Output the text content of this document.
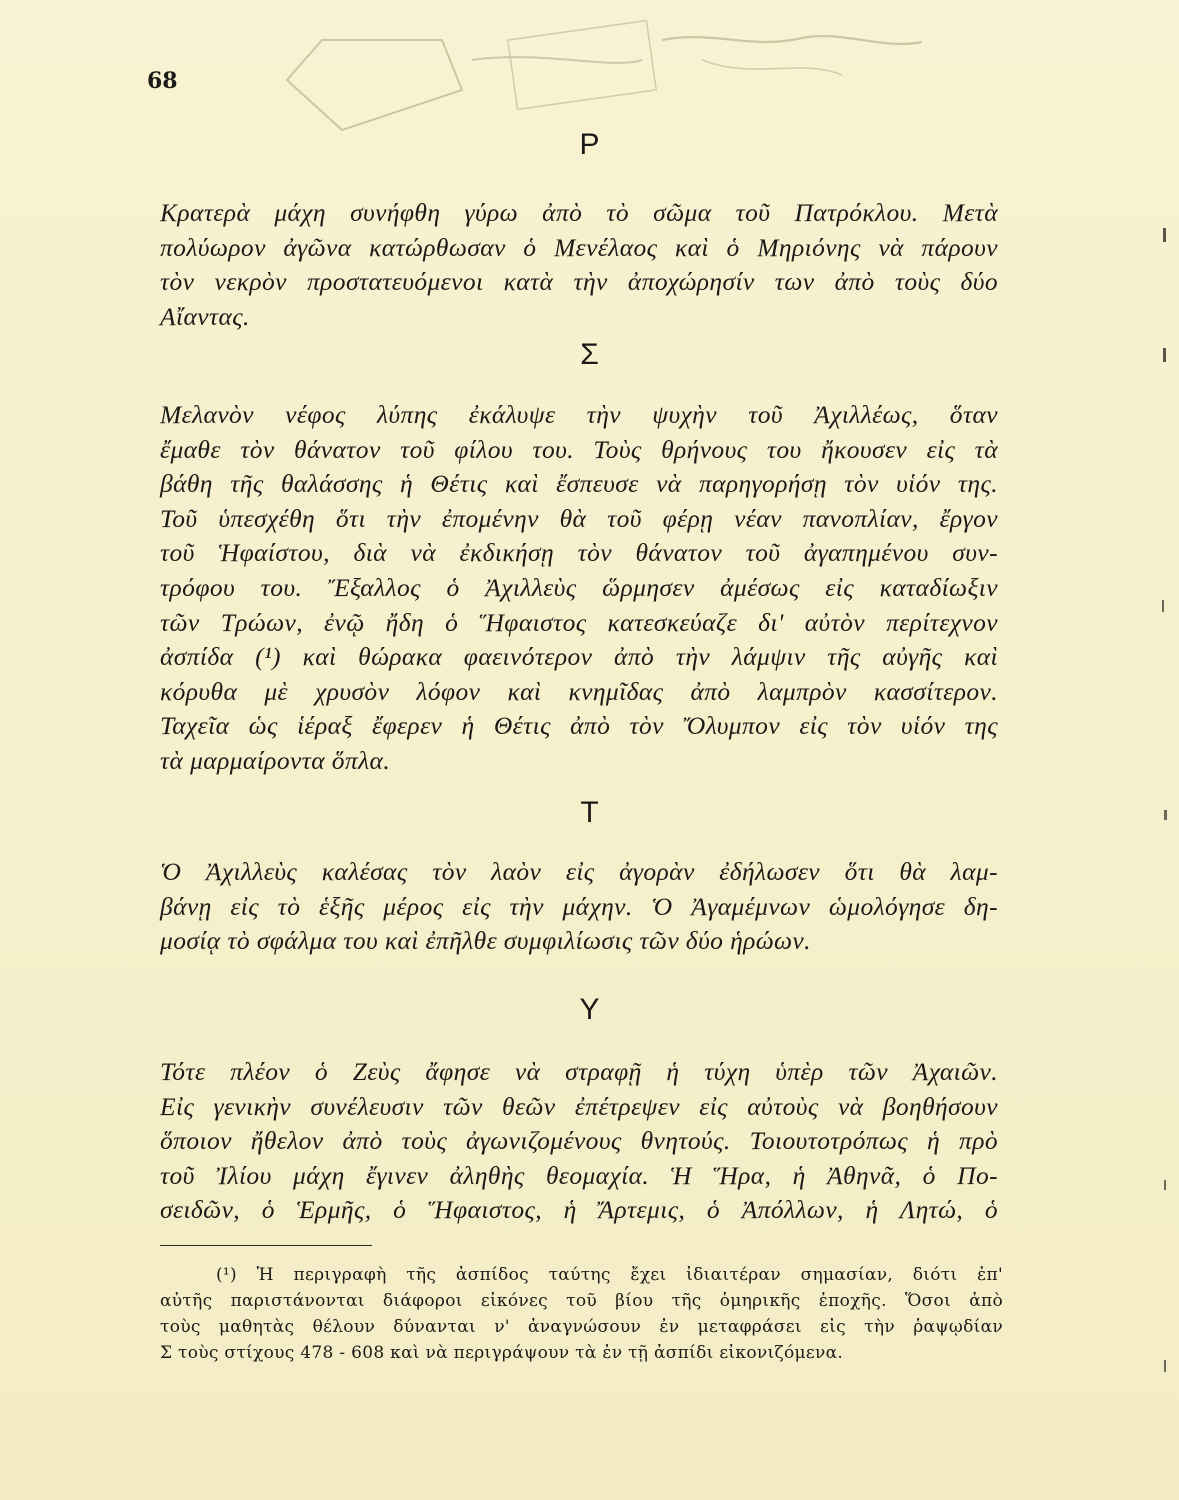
68
Ρ
Κρατερὰ μάχη συνήφθη γύρω ἀπὸ τὸ σῶμα τοῦ Πατρόκλου. Μετὰ
πολύωρον ἀγῶνα κατώρθωσαν ὁ Μενέλαος καὶ ὁ Μηριόνης νὰ πάρουν
τὸν νεκρὸν προστατευόμενοι κατὰ τὴν ἀποχώρησίν των ἀπὸ τοὺς δύο
Αἴαντας.
Σ
Μελανὸν νέφος λύπης ἐκάλυψε τὴν ψυχὴν τοῦ Ἀχιλλέως, ὅταν
ἔμαθε τὸν θάνατον τοῦ φίλου του. Τοὺς θρήνους του ἤκουσεν εἰς τὰ
βάθη τῆς θαλάσσης ἡ Θέτις καὶ ἔσπευσε νὰ παρηγορήσῃ τὸν υἱόν της.
Τοῦ ὑπεσχέθη ὅτι τὴν ἐπομένην θὰ τοῦ φέρῃ νέαν πανοπλίαν, ἔργον
τοῦ Ἡφαίστου, διὰ νὰ ἐκδικήσῃ τὸν θάνατον τοῦ ἀγαπημένου συν-
τρόφου του. Ἔξαλλος ὁ Ἀχιλλεὺς ὥρμησεν ἀμέσως εἰς καταδίωξιν
τῶν Τρώων, ἐνῷ ἤδη ὁ Ἥφαιστος κατεσκεύαζε δι' αὐτὸν περίτεχνον
ἀσπίδα (¹) καὶ θώρακα φαεινότερον ἀπὸ τὴν λάμψιν τῆς αὐγῆς καὶ
κόρυθα μὲ χρυσὸν λόφον καὶ κνημῖδας ἀπὸ λαμπρὸν κασσίτερον.
Ταχεῖα ὡς ἱέραξ ἔφερεν ἡ Θέτις ἀπὸ τὸν Ὄλυμπον εἰς τὸν υἱόν της
τὰ μαρμαίροντα ὅπλα.
Τ
Ὁ Ἀχιλλεὺς καλέσας τὸν λαὸν εἰς ἀγορὰν ἐδήλωσεν ὅτι θὰ λαμ-
βάνῃ εἰς τὸ ἑξῆς μέρος εἰς τὴν μάχην. Ὁ Ἀγαμέμνων ὡμολόγησε δη-
μοσίᾳ τὸ σφάλμα του καὶ ἐπῆλθε συμφιλίωσις τῶν δύο ἡρώων.
Υ
Τότε πλέον ὁ Ζεὺς ἄφησε νὰ στραφῇ ἡ τύχη ὑπὲρ τῶν Ἀχαιῶν.
Εἰς γενικὴν συνέλευσιν τῶν θεῶν ἐπέτρεψεν εἰς αὐτοὺς νὰ βοηθήσουν
ὅποιον ἤθελον ἀπὸ τοὺς ἀγωνιζομένους θνητούς. Τοιουτοτρόπως ἡ πρὸ
τοῦ Ἰλίου μάχη ἔγινεν ἀληθὴς θεομαχία. Ἡ Ἥρα, ἡ Ἀθηνᾶ, ὁ Πο-
σειδῶν, ὁ Ἑρμῆς, ὁ Ἥφαιστος, ἡ Ἄρτεμις, ὁ Ἀπόλλων, ἡ Λητώ, ὁ
(¹) Ἡ περιγραφὴ τῆς ἀσπίδος ταύτης ἔχει ἰδιαιτέραν σημασίαν, διότι ἐπ'
αὐτῆς παριστάνονται διάφοροι εἰκόνες τοῦ βίου τῆς ὁμηρικῆς ἐποχῆς. Ὅσοι ἀπὸ
τοὺς μαθητὰς θέλουν δύνανται ν' ἀναγνώσουν ἐν μεταφράσει εἰς τὴν ῥαψῳδίαν
Σ τοὺς στίχους 478 - 608 καὶ νὰ περιγράψουν τὰ ἐν τῇ ἀσπίδι εἰκονιζόμενα.
